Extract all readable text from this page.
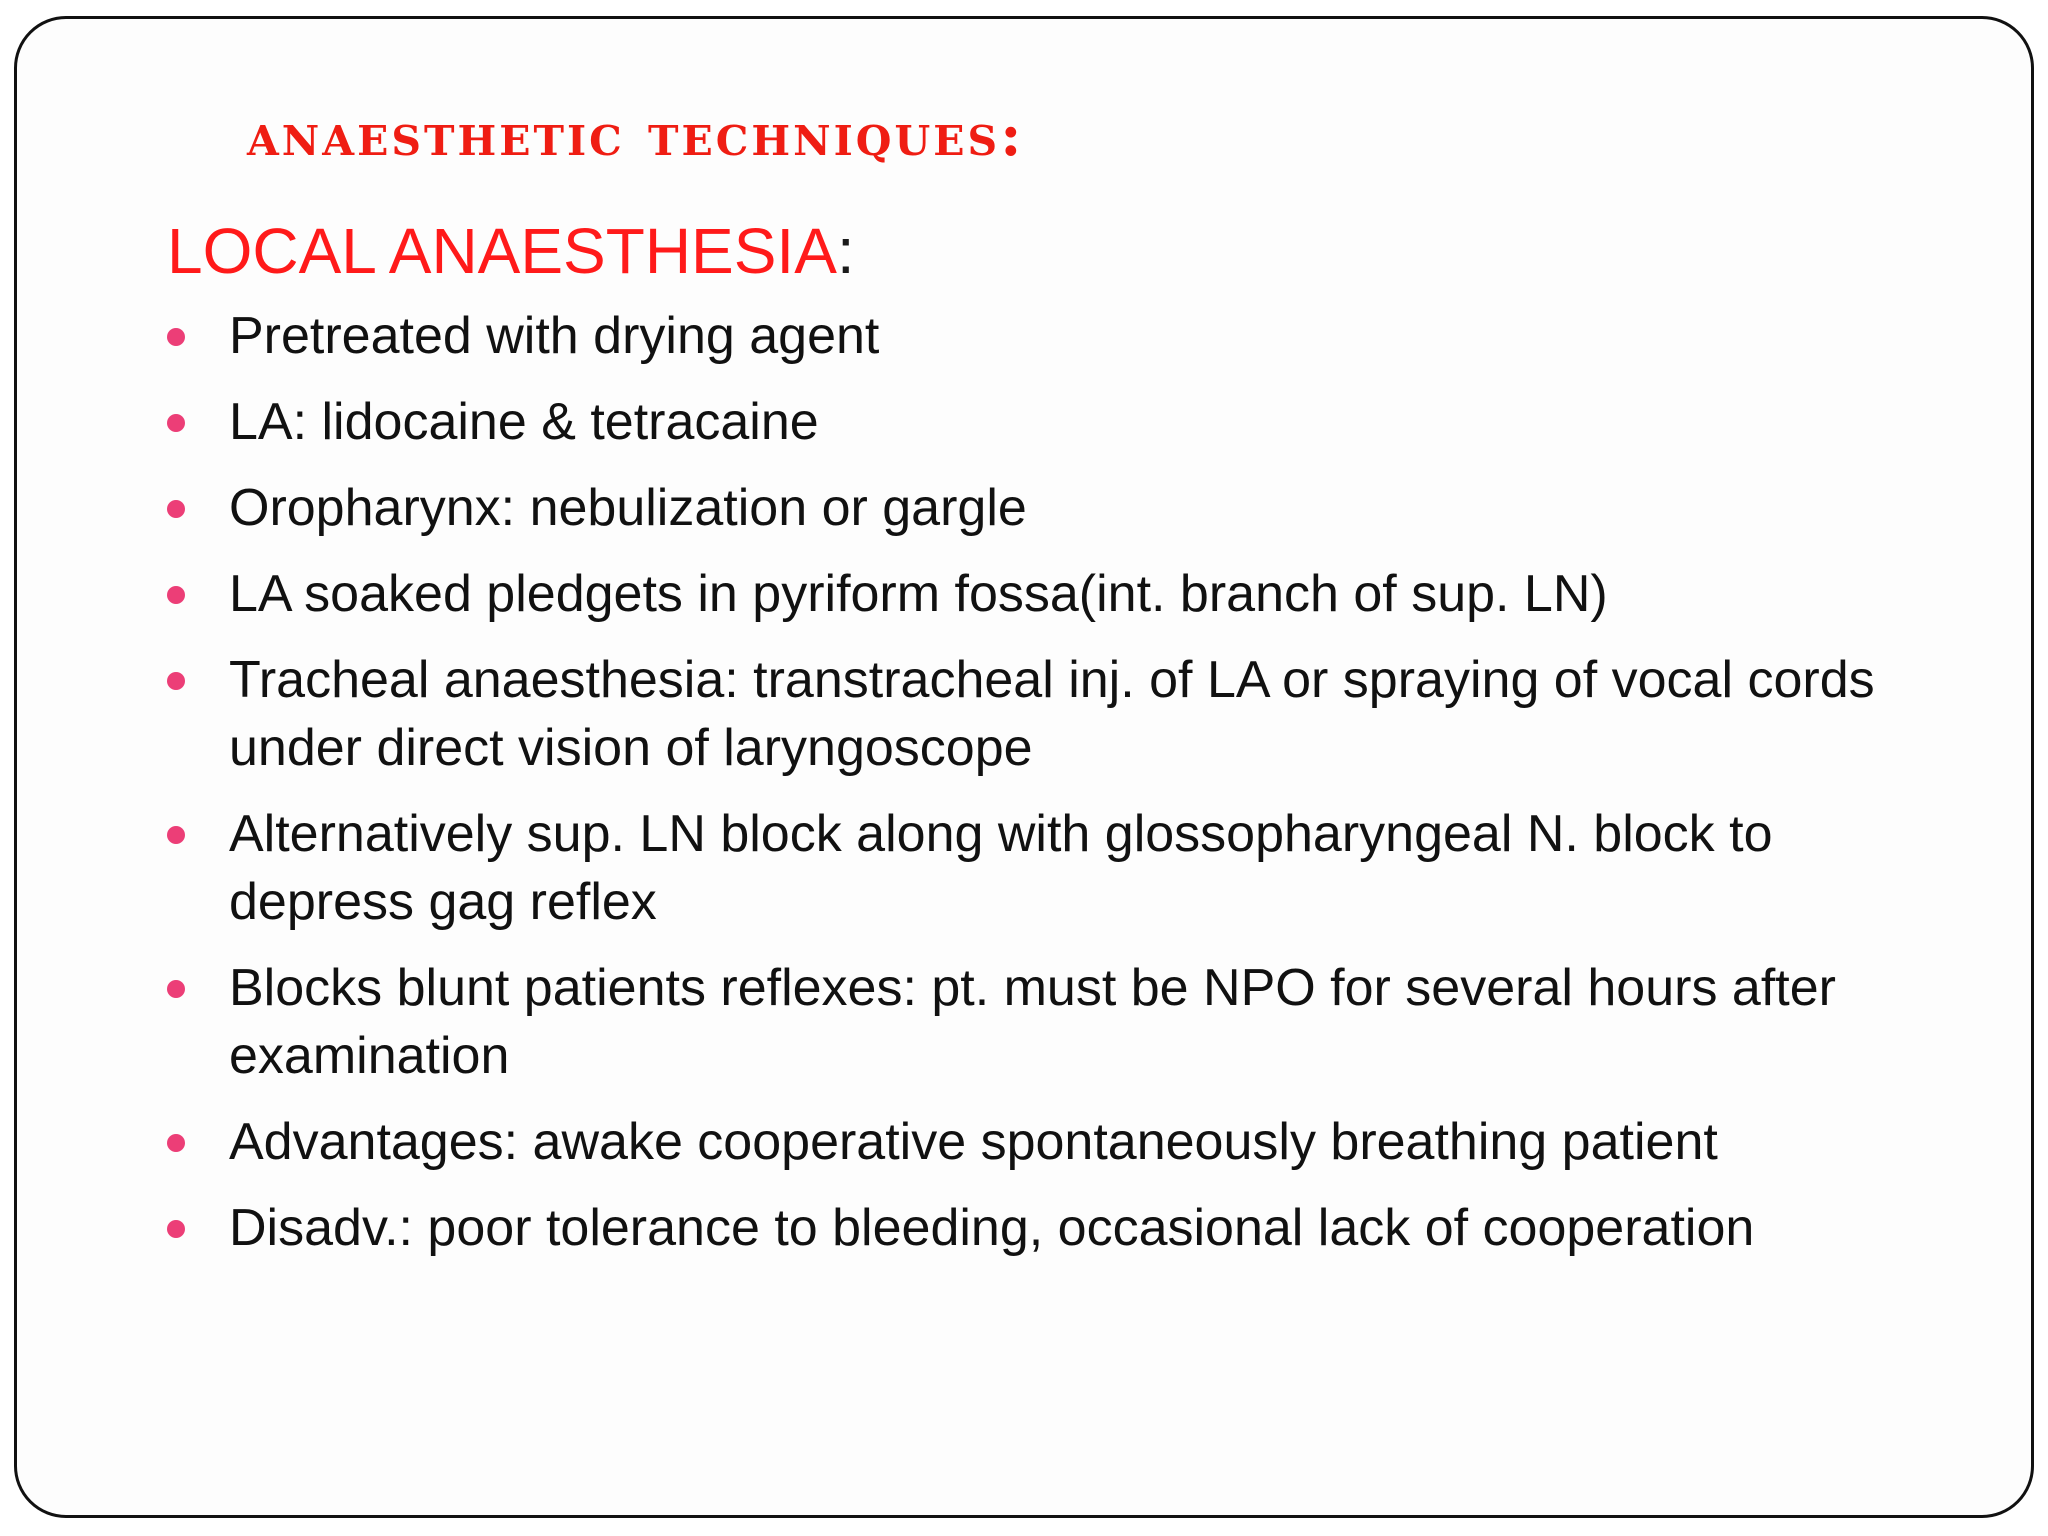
anaesthetic techniques:
LOCAL ANAESTHESIA:
Pretreated with drying agent
LA: lidocaine & tetracaine
Oropharynx: nebulization or gargle
LA soaked pledgets in pyriform fossa(int. branch of sup. LN)
Tracheal anaesthesia: transtracheal inj. of LA or spraying of vocal cords under direct vision of laryngoscope
Alternatively sup. LN block along with glossopharyngeal N. block to depress gag reflex
Blocks blunt patients reflexes: pt. must be NPO for several hours after examination
Advantages: awake cooperative spontaneously breathing patient
Disadv.: poor tolerance to bleeding, occasional lack of cooperation
